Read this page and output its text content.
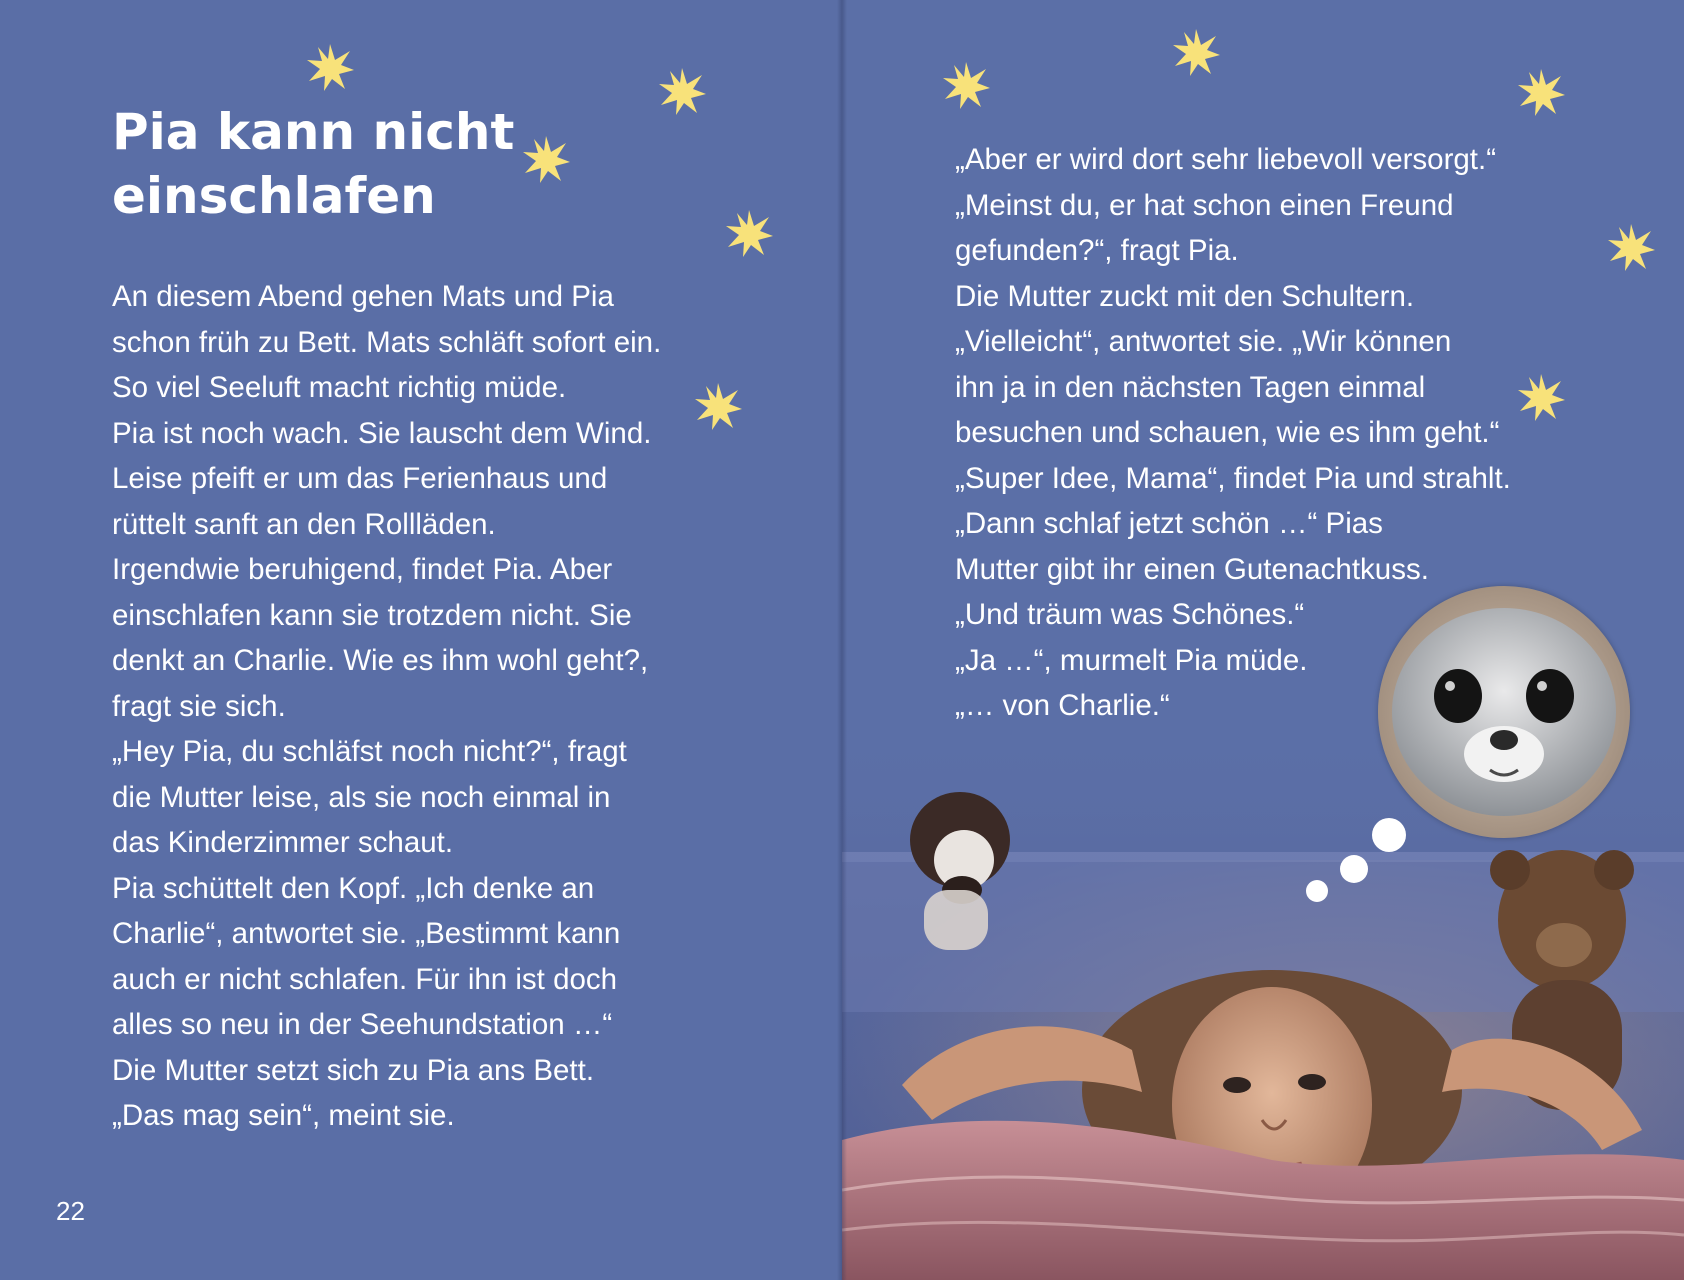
Pia kann nicht
einschlafen
An diesem Abend gehen Mats und Pia
schon früh zu Bett. Mats schläft sofort ein.
So viel Seeluft macht richtig müde.
Pia ist noch wach. Sie lauscht dem Wind.
Leise pfeift er um das Ferienhaus und
rüttelt sanft an den Rollläden.
Irgendwie beruhigend, findet Pia. Aber
einschlafen kann sie trotzdem nicht. Sie
denkt an Charlie. Wie es ihm wohl geht?,
fragt sie sich.
„Hey Pia, du schläfst noch nicht?“, fragt
die Mutter leise, als sie noch einmal in
das Kinderzimmer schaut.
Pia schüttelt den Kopf. „Ich denke an
Charlie“, antwortet sie. „Bestimmt kann
auch er nicht schlafen. Für ihn ist doch
alles so neu in der Seehundstation …“
Die Mutter setzt sich zu Pia ans Bett.
„Das mag sein“, meint sie.
22
„Aber er wird dort sehr liebevoll versorgt.“
„Meinst du, er hat schon einen Freund
gefunden?“, fragt Pia.
Die Mutter zuckt mit den Schultern.
„Vielleicht“, antwortet sie. „Wir können
ihn ja in den nächsten Tagen einmal
besuchen und schauen, wie es ihm geht.“
„Super Idee, Mama“, findet Pia und strahlt.
„Dann schlaf jetzt schön …“ Pias
Mutter gibt ihr einen Gutenachtkuss.
„Und träum was Schönes.“
„Ja …“, murmelt Pia müde.
„… von Charlie.“
